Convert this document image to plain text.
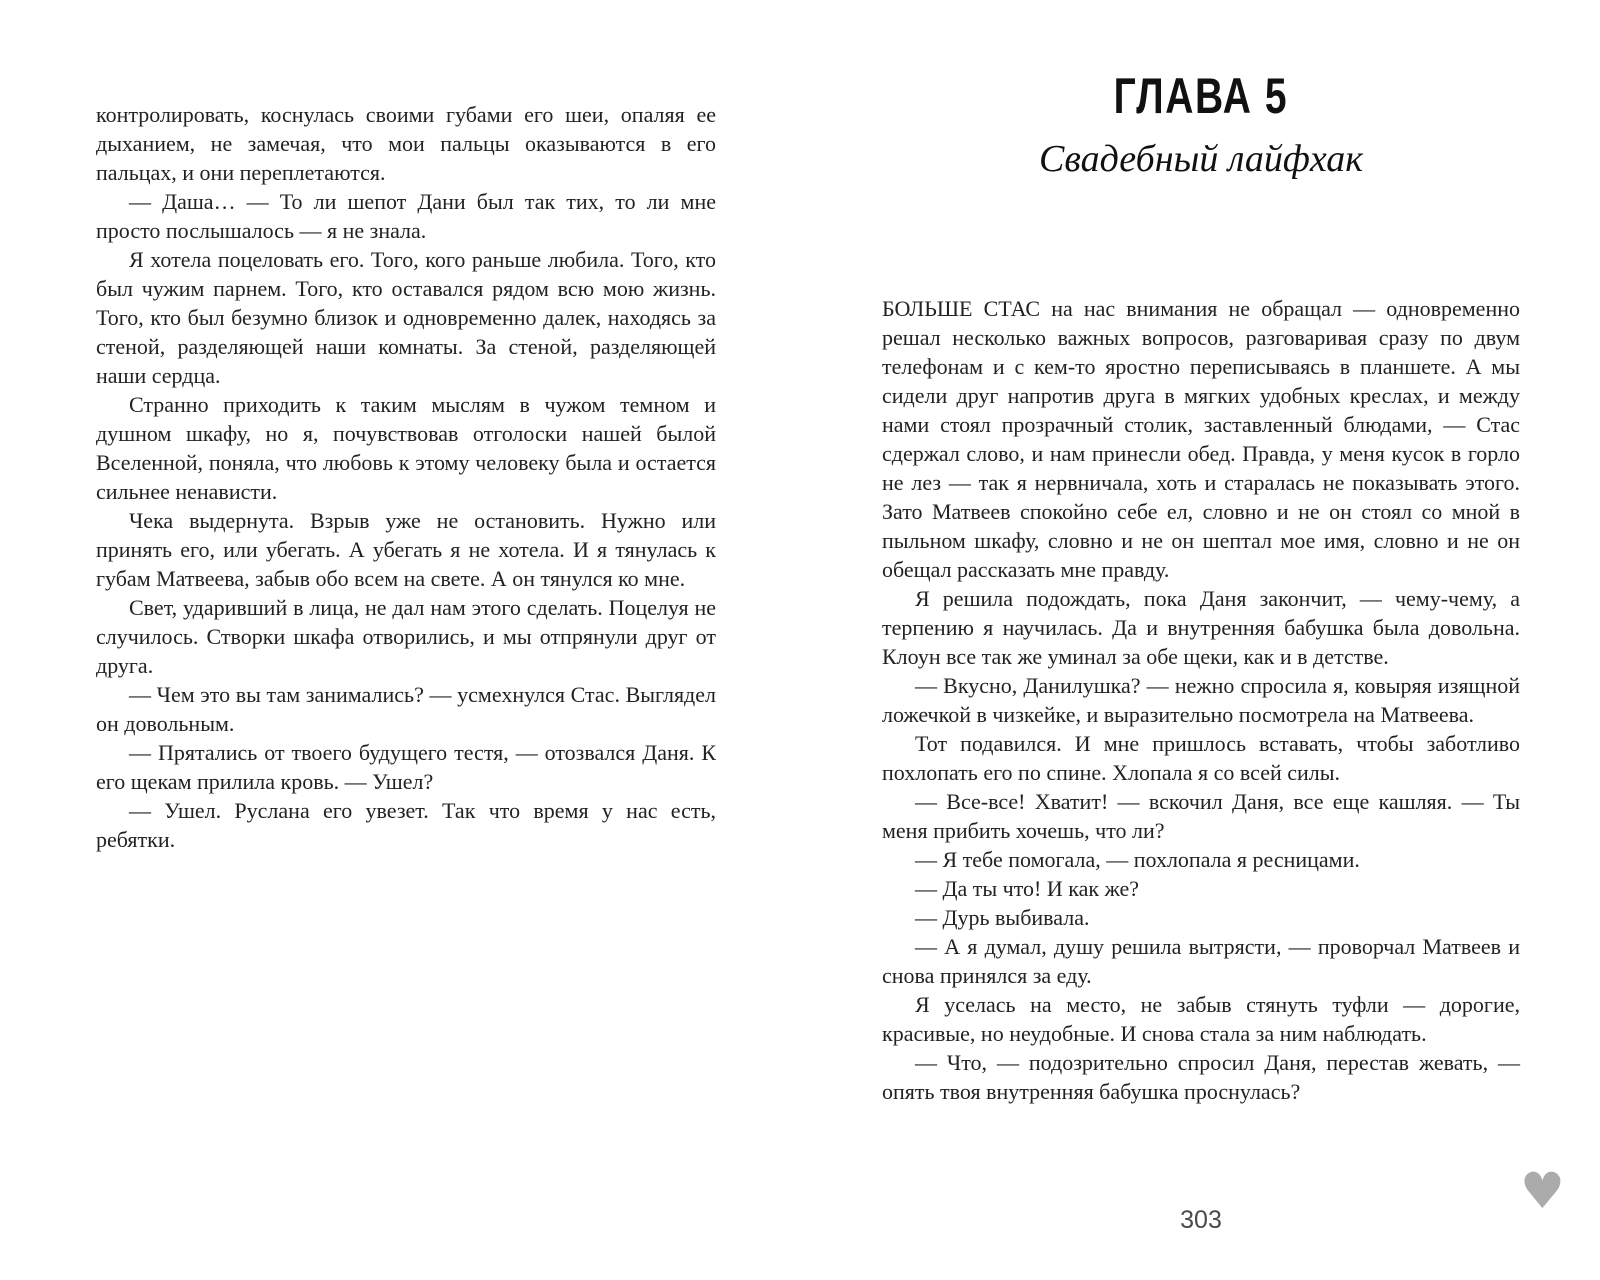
контролировать, коснулась своими губами его шеи, опаляя ее дыханием, не замечая, что мои пальцы оказываются в его пальцах, и они переплетаются.

— Даша… — То ли шепот Дани был так тих, то ли мне просто послышалось — я не знала.

Я хотела поцеловать его. Того, кого раньше любила. Того, кто был чужим парнем. Того, кто оставался рядом всю мою жизнь. Того, кто был безумно близок и одновременно далек, находясь за стеной, разделяющей наши комнаты. За стеной, разделяющей наши сердца.

Странно приходить к таким мыслям в чужом темном и душном шкафу, но я, почувствовав отголоски нашей былой Вселенной, поняла, что любовь к этому человеку была и остается сильнее ненависти.

Чека выдернута. Взрыв уже не остановить. Нужно или принять его, или убегать. А убегать я не хотела. И я тянулась к губам Матвеева, забыв обо всем на свете. А он тянулся ко мне.

Свет, ударивший в лица, не дал нам этого сделать. Поцелуя не случилось. Створки шкафа отворились, и мы отпрянули друг от друга.

— Чем это вы там занимались? — усмехнулся Стас. Выглядел он довольным.

— Прятались от твоего будущего тестя, — отозвался Даня. К его щекам прилила кровь. — Ушел?

— Ушел. Руслана его увезет. Так что время у нас есть, ребятки.

ГЛАВА 5
Свадебный лайфхак

БОЛЬШЕ СТАС на нас внимания не обращал — одновременно решал несколько важных вопросов, разговаривая сразу по двум телефонам и с кем-то яростно переписываясь в планшете. А мы сидели друг напротив друга в мягких удобных креслах, и между нами стоял прозрачный столик, заставленный блюдами, — Стас сдержал слово, и нам принесли обед. Правда, у меня кусок в горло не лез — так я нервничала, хоть и старалась не показывать этого. Зато Матвеев спокойно себе ел, словно и не он стоял со мной в пыльном шкафу, словно и не он шептал мое имя, словно и не он обещал рассказать мне правду.

Я решила подождать, пока Даня закончит, — чему-чему, а терпению я научилась. Да и внутренняя бабушка была довольна. Клоун все так же уминал за обе щеки, как и в детстве.

— Вкусно, Данилушка? — нежно спросила я, ковыряя изящной ложечкой в чизкейке, и выразительно посмотрела на Матвеева.

Тот подавился. И мне пришлось вставать, чтобы заботливо похлопать его по спине. Хлопала я со всей силы.

— Все-все! Хватит! — вскочил Даня, все еще кашляя. — Ты меня прибить хочешь, что ли?

— Я тебе помогала, — похлопала я ресницами.

— Да ты что! И как же?

— Дурь выбивала.

— А я думал, душу решила вытрясти, — проворчал Матвеев и снова принялся за еду.

Я уселась на место, не забыв стянуть туфли — дорогие, красивые, но неудобные. И снова стала за ним наблюдать.

— Что, — подозрительно спросил Даня, перестав жевать, — опять твоя внутренняя бабушка проснулась?

303	♥
